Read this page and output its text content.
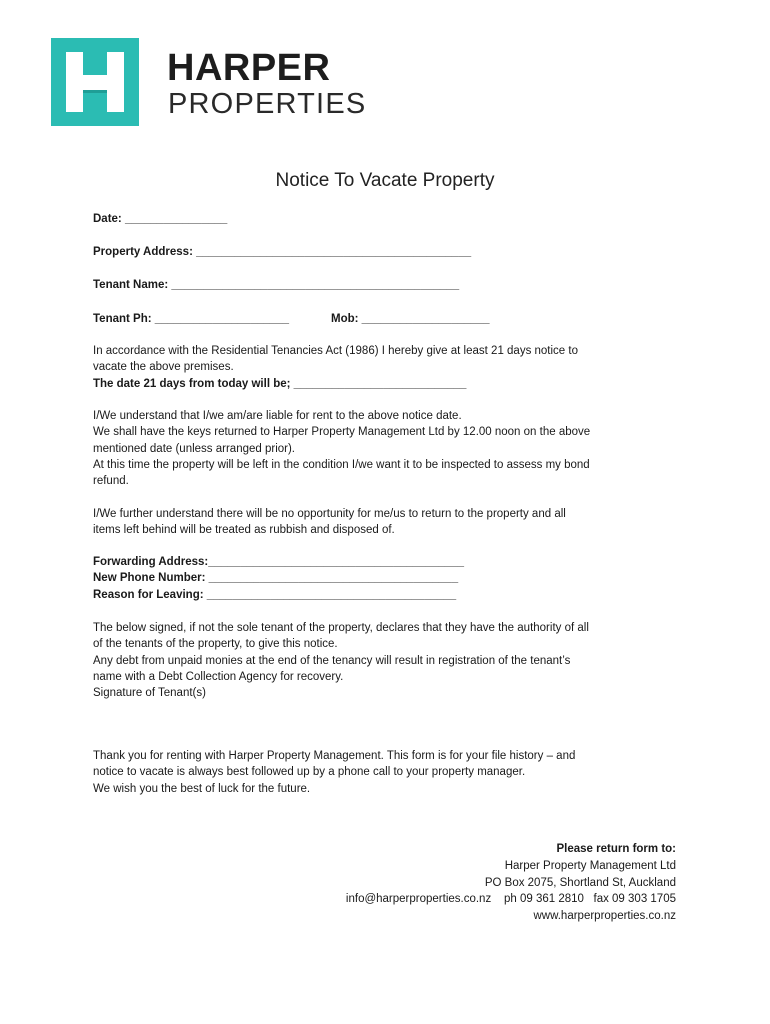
HARPER
PROPERTIES
Notice To Vacate Property
Date: ________________
Property Address: ___________________________________________
Tenant Name: _____________________________________________
Tenant Ph: _____________________	Mob: ____________________

In accordance with the Residential Tenancies Act (1986) I hereby give at least 21 days notice to

vacate the above premises.

The date 21 days from today will be; ___________________________

I/We understand that I/we am/are liable for rent to the above notice date.

We shall have the keys returned to Harper Property Management Ltd by 12.00 noon on the above

mentioned date (unless arranged prior).

At this time the property will be left in the condition I/we want it to be inspected to assess my bond

refund.

I/We further understand there will be no opportunity for me/us to return to the property and all

items left behind will be treated as rubbish and disposed of.

Forwarding Address:________________________________________

New Phone Number: _______________________________________

Reason for Leaving: _______________________________________

The below signed, if not the sole tenant of the property, declares that they have the authority of all

of the tenants of the property, to give this notice.

Any debt from unpaid monies at the end of the tenancy will result in registration of the tenant’s

name with a Debt Collection Agency for recovery.

Signature of Tenant(s)

Thank you for renting with Harper Property Management. This form is for your file history – and

notice to vacate is always best followed up by a phone call to your property manager.

We wish you the best of luck for the future.

Please return form to:
Harper Property Management Ltd
PO Box 2075, Shortland St, Auckland
info@harperproperties.co.nz    ph 09 361 2810   fax 09 303 1705
www.harperproperties.co.nz
